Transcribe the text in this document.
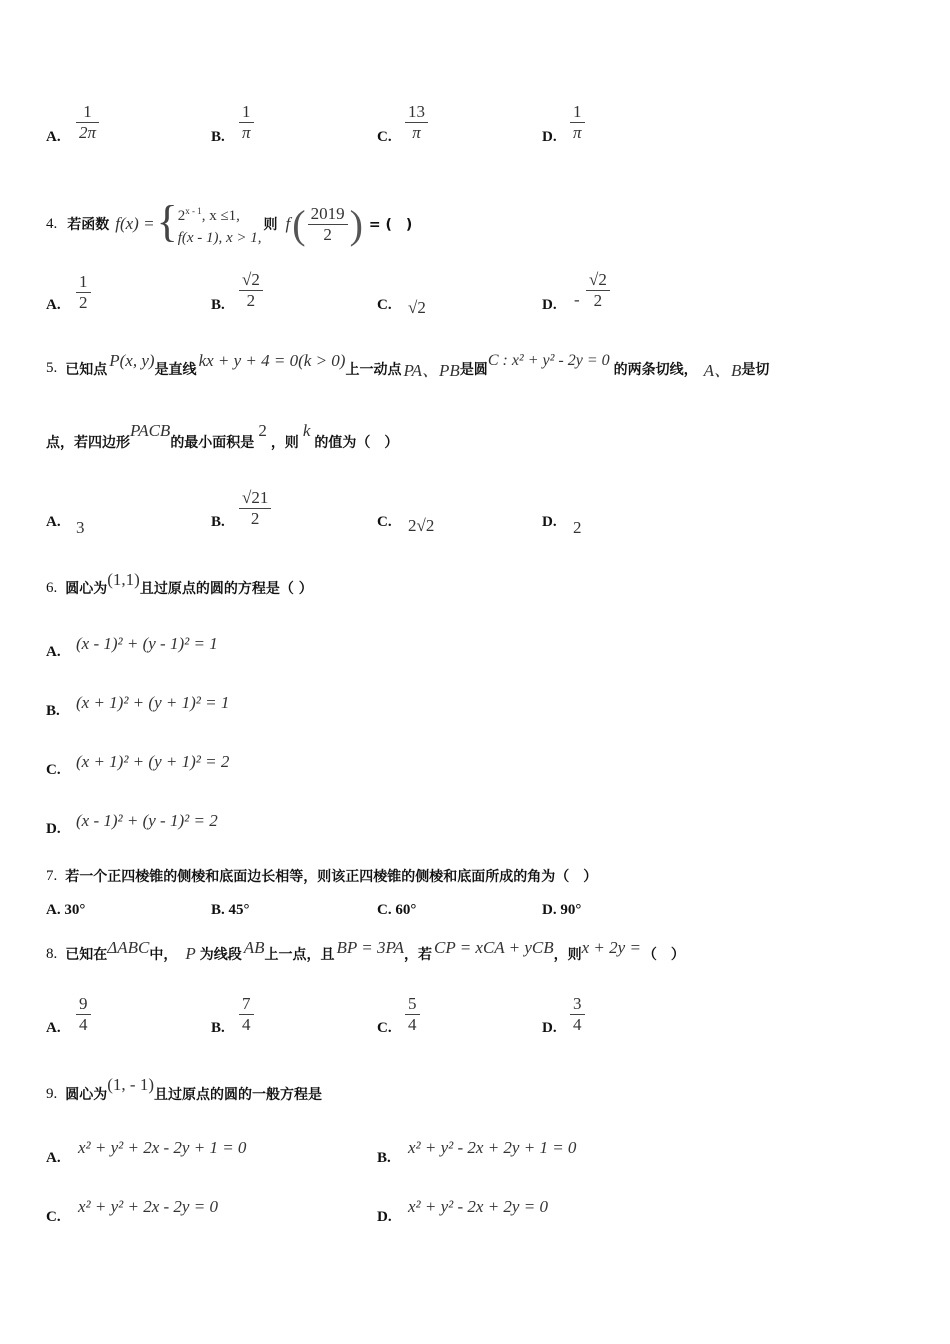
A. $\frac{1}{2\pi}$	B. $\frac{1}{\pi}$	C. $\frac{13}{\pi}$	D. $\frac{1}{\pi}$
4. 若函数 f(x) = { 2$^{x - 1}$, x ≤1,
f(x - 1), x > 1,
则 f ( $\frac{2019}{2}$ ) = (　)
A. $\frac{1}{2}$	B. $\frac{√2}{2}$	C. √2	D. - $\frac{√2}{2}$
5. 已知点 P(x, y) 是直线 kx + y + 4 = 0(k > 0) 上一动点 PA、PB 是圆
C : x² + y² - 2y = 0
的两条切线， A、B 是切
点，若四边形
PACB
的最小面积是
2
，则
k
的值为（　）
A. 3	B. $\frac{√21}{2}$	C. 2√2	D. 2
6. 圆心为 (1,1) 且过原点的圆的方程是（ ）
A. (x - 1)² + (y - 1)² = 1
B. (x + 1)² + (y + 1)² = 1
C. (x + 1)² + (y + 1)² = 2
D. (x - 1)² + (y - 1)² = 2
7. 若一个正四棱锥的侧棱和底面边长相等，则该正四棱锥的侧棱和底面所成的角为（　）
A. 30°	B. 45°	C. 60°	D. 90°
8. 已知在 ΔABC 中， P 为线段 AB 上一点，且 BP = 3PA ，若 CP = xCA + yCB ，则 x + 2y = （　）
A. $\frac{9}{4}$	B. $\frac{7}{4}$	C. $\frac{5}{4}$	D. $\frac{3}{4}$
9. 圆心为
(1, - 1)
且过原点的圆的一般方程是
A.
x² + y² + 2x - 2y + 1 = 0
B.
x² + y² - 2x + 2y + 1 = 0
C.
x² + y² + 2x - 2y = 0
D.
x² + y² - 2x + 2y = 0
